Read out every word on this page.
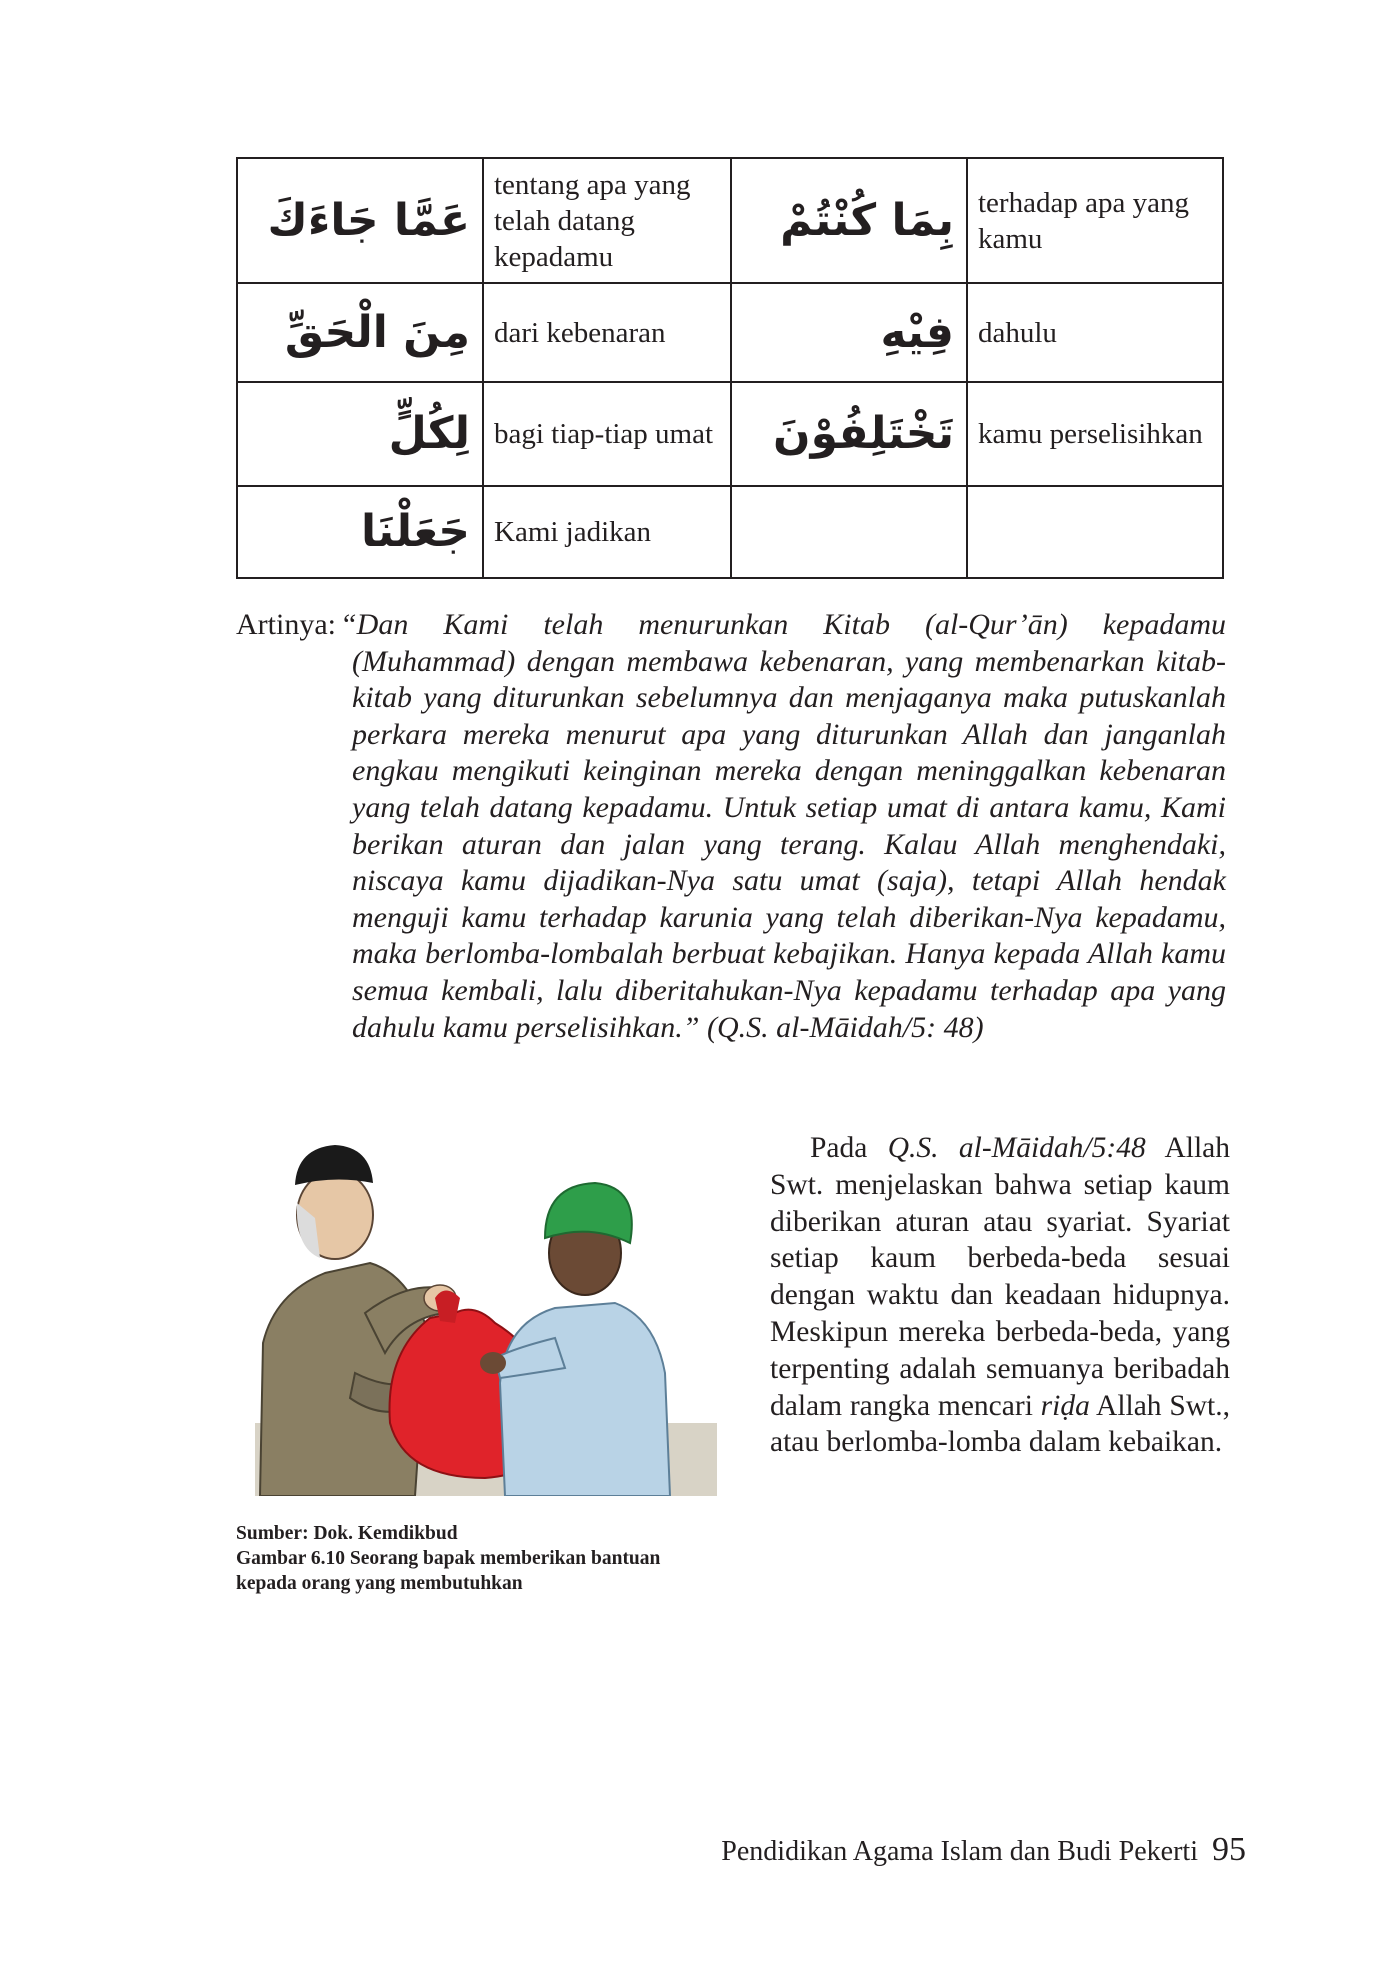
عَمَّا جَاءَكَ	tentang apa yang telah datang kepadamu	بِمَا كُنْتُمْ	terhadap apa yang kamu
مِنَ الْحَقِّ	dari kebenaran	فِيْهِ	dahulu
لِكُلٍّ	bagi tiap-tiap umat	تَخْتَلِفُوْنَ	kamu perselisihkan
جَعَلْنَا	Kami jadikan		
Artinya: “Dan Kami telah menurunkan Kitab (al-Qur’ān) kepadamu (Muhammad) dengan membawa kebenaran, yang membenarkan kitab-kitab yang diturunkan sebelumnya dan menjaganya maka putuskanlah perkara mereka menurut apa yang diturunkan Allah dan janganlah engkau mengikuti keinginan mereka dengan meninggalkan kebenaran yang telah datang kepadamu. Untuk setiap umat di antara kamu, Kami berikan aturan dan jalan yang terang. Kalau Allah menghendaki, niscaya kamu dijadikan-Nya satu umat (saja), tetapi Allah hendak menguji kamu terhadap karunia yang telah diberikan-Nya kepadamu, maka berlomba-lombalah berbuat kebajikan. Hanya kepada Allah kamu semua kembali, lalu diberitahukan-Nya kepadamu terhadap apa yang dahulu kamu perselisihkan.” (Q.S. al-Māidah/5: 48)
Sumber: Dok. Kemdikbud
Gambar 6.10 Seorang bapak memberikan bantuan
kepada orang yang membutuhkan
Pada Q.S. al-Māidah/5:48 Allah Swt. menjelaskan bahwa setiap kaum diberikan aturan atau syariat. Syariat setiap kaum berbeda-beda sesuai dengan waktu dan keadaan hidupnya. Meskipun mereka berbeda-beda, yang terpenting adalah semuanya beribadah dalam rangka mencari riḍa Allah Swt., atau berlomba-lomba dalam kebaikan.
Pendidikan Agama Islam dan Budi Pekerti 95
